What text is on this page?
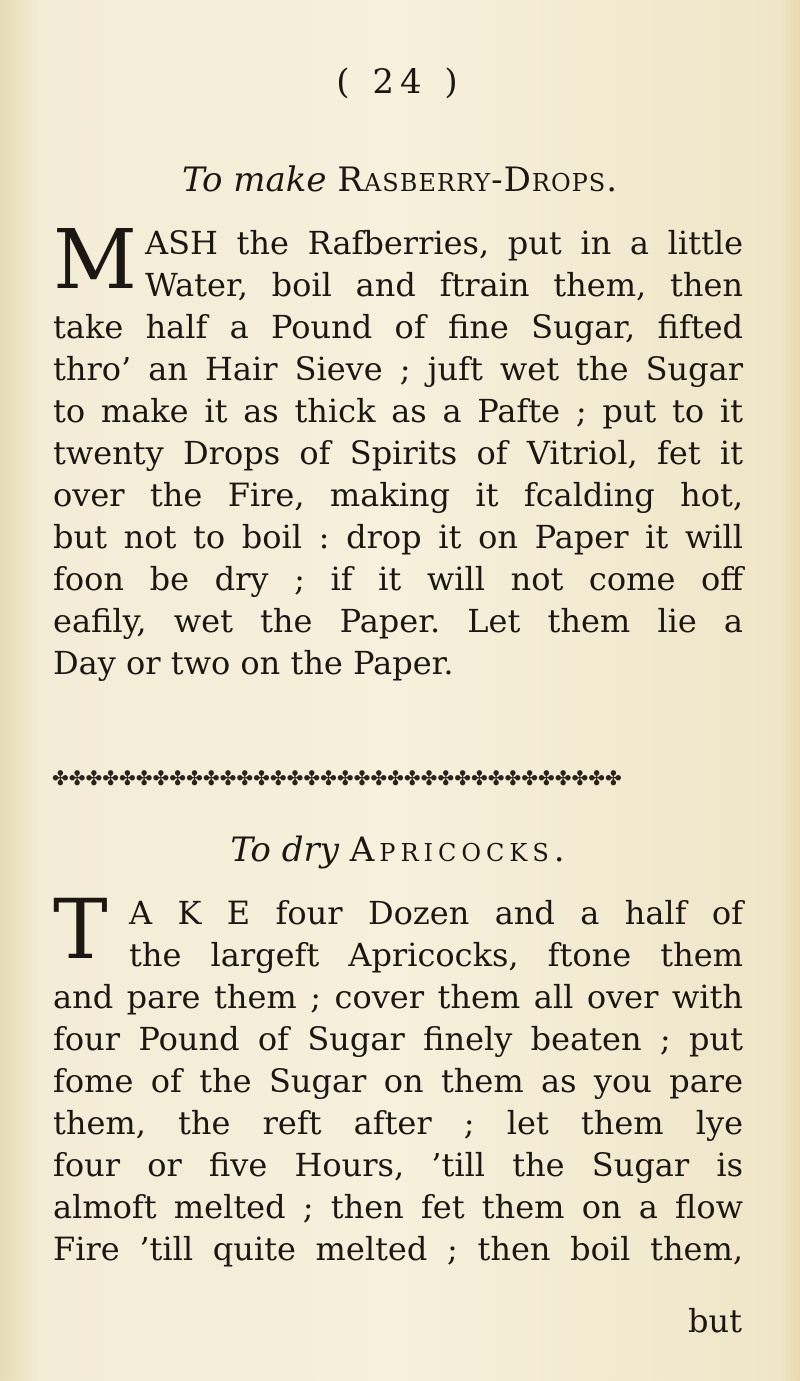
( 24 )
To make Rasberry-Drops.
M ASH the Rafberries, put in a little
Water, boil and ftrain them, then
take half a Pound of fine Sugar, fifted
thro’ an Hair Sieve ; juft wet the Sugar
to make it as thick as a Pafte ; put to it
twenty Drops of Spirits of Vitriol, fet it
over the Fire, making it fcalding hot,
but not to boil : drop it on Paper it will
foon be dry ; if it will not come off
eafily, wet the Paper. Let them lie a
Day or two on the Paper.
✤✤✤✤✤✤✤✤✤✤✤✤✤✤✤✤✤✤✤✤✤✤✤✤✤✤✤✤✤✤✤✤✤✤
To dry Apricocks.
T A K E four Dozen and a half of
the largeft Apricocks, ftone them
and pare them ; cover them all over with
four Pound of Sugar finely beaten ; put
fome of the Sugar on them as you pare
them, the reft after ; let them lye
four or five Hours, ’till the Sugar is
almoft melted ; then fet them on a flow
Fire ’till quite melted ; then boil them,
but
